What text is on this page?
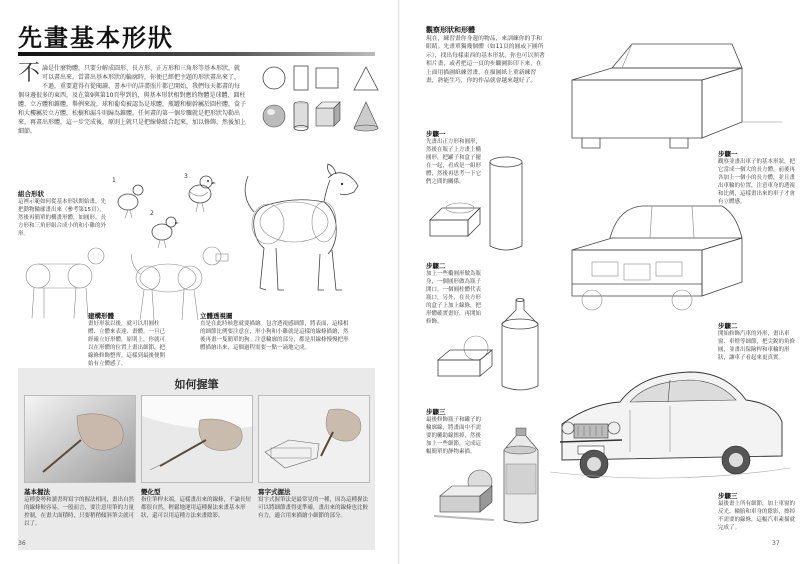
先畫基本形狀
不 論是什麼物體，只要分解成圓形、長方形、正方形和三角形等基本形狀，就可以畫出來。當畫出基本形狀的輪廓時，你便已經把主題的形狀畫出來了，不過，重要還得有從閱讀、書本中的詳盡照片都已開始，我們每天都畫的每個身邊很多的東西，及在第9與第10頁學到的，與基本形狀相對應的物體是球體、圓柱體、立方體和錐體。舉例來說，球和葡萄被認為是球體，瓶罐和樹幹屬於圓柱體，盒子和大樓屬於立方體，松樹和漏斗則歸為錐體。任何畫的第一個步驟就是把形狀勾勒出來，再畫出形體，這一步完成後，原則上就只是把線條組合起來，加以修飾，然後加上細節。
組合形狀
這裡示範如何從基本形狀開始畫，先把動物輪廓畫出來（參考第15頁），然後再簡單的構畫形體，如圓形、長方形和三角形組合成小的和小雞的外形。
1
2
3
建構形體
畫好形狀以後，就可以用圓柱體、立體來表達、畫體。一旦已經確立好形體，原則上，你就可以在形體的位置上畫出細節，把線條修飾整齊，這樣到最後便開始有立體感了。
立體透視圖
直是在此時候您就要描繪。包含透視感細節，將表面，這樣相的細節比例要注意在，形小狗和小雞就是這樣的線條描繪，然後再畫一隻簡單的狗。注意輪廓的部分，都是用線條慢慢把形體描繪出來，這個過程需要一點一滴地完成。
如何握筆
基本握法
這種姿勢和讀書時寫字的握法相同，畫出自然的線條較容易。一般而言，要注意用筆的力量控制，在畫大面積時，只要稍稍傾斜筆尖就可以了。
變化型
指住筆桿末端，這樣畫出來的線條，不論長短都很自然，輕鬆地運用這種握法來畫基本形狀，還可以用這種方法來畫陰影。
寫字式握法
寫字式握筆法是最常見的一種，因為這種握法可以將細節畫得更準確，畫出來的線條也比較有力，適合用來描繪小細節的部分。
36
觀察形狀和形體
現在，練習畫你身邊的物品，來訓練你的手和眼睛。先畫單獨幾個體（如11頁的圓或下圖所示），找出每樣東西的基本形狀。你也可以照著相片畫，或者把這一頁的步驟圖影印下來，在上面用描圖紙練習畫，在描圖紙上重新練習畫，熟能生巧，你的作品就會越來越好了。
步驟一
先畫出正方形和圓形，然後在瓶子上方畫上橢圓形，把罐子和盒子擺在一起，看成是一組形體，然後再思考一下它們之間的關係。
步驟二
加上一些橢圓形做為瓶身，一個圓形做為瓶子開口，一個圓柱體代表瓶口，另外，在長方形的盒子上加上線條，把形體確實畫好，再開始修飾。
步驟三
最後修飾瓶子和罐子的輪廓線，將畫面中不需要的輔助線擦掉，然後加上一些細節，完成這幅簡單的靜物素描。
步驟一
觀察並畫出車子的基本形狀，把它當成一個大的長方體，前後再各加上一個小的長方體，並且畫出車輪的位置，注意車身的透視和比例，這樣畫出來的車子才會有立體感。
步驟二
開始修飾汽車的外形，畫出車窗、車燈等細節，把尖銳的角修圓，並畫出保險桿和車輪的形狀，讓車子看起來更真實。
步驟三
最後畫上所有細節，加上車窗的反光、輪胎和車身的陰影，擦掉不需要的線條，這幅汽車素描就完成了。
37
